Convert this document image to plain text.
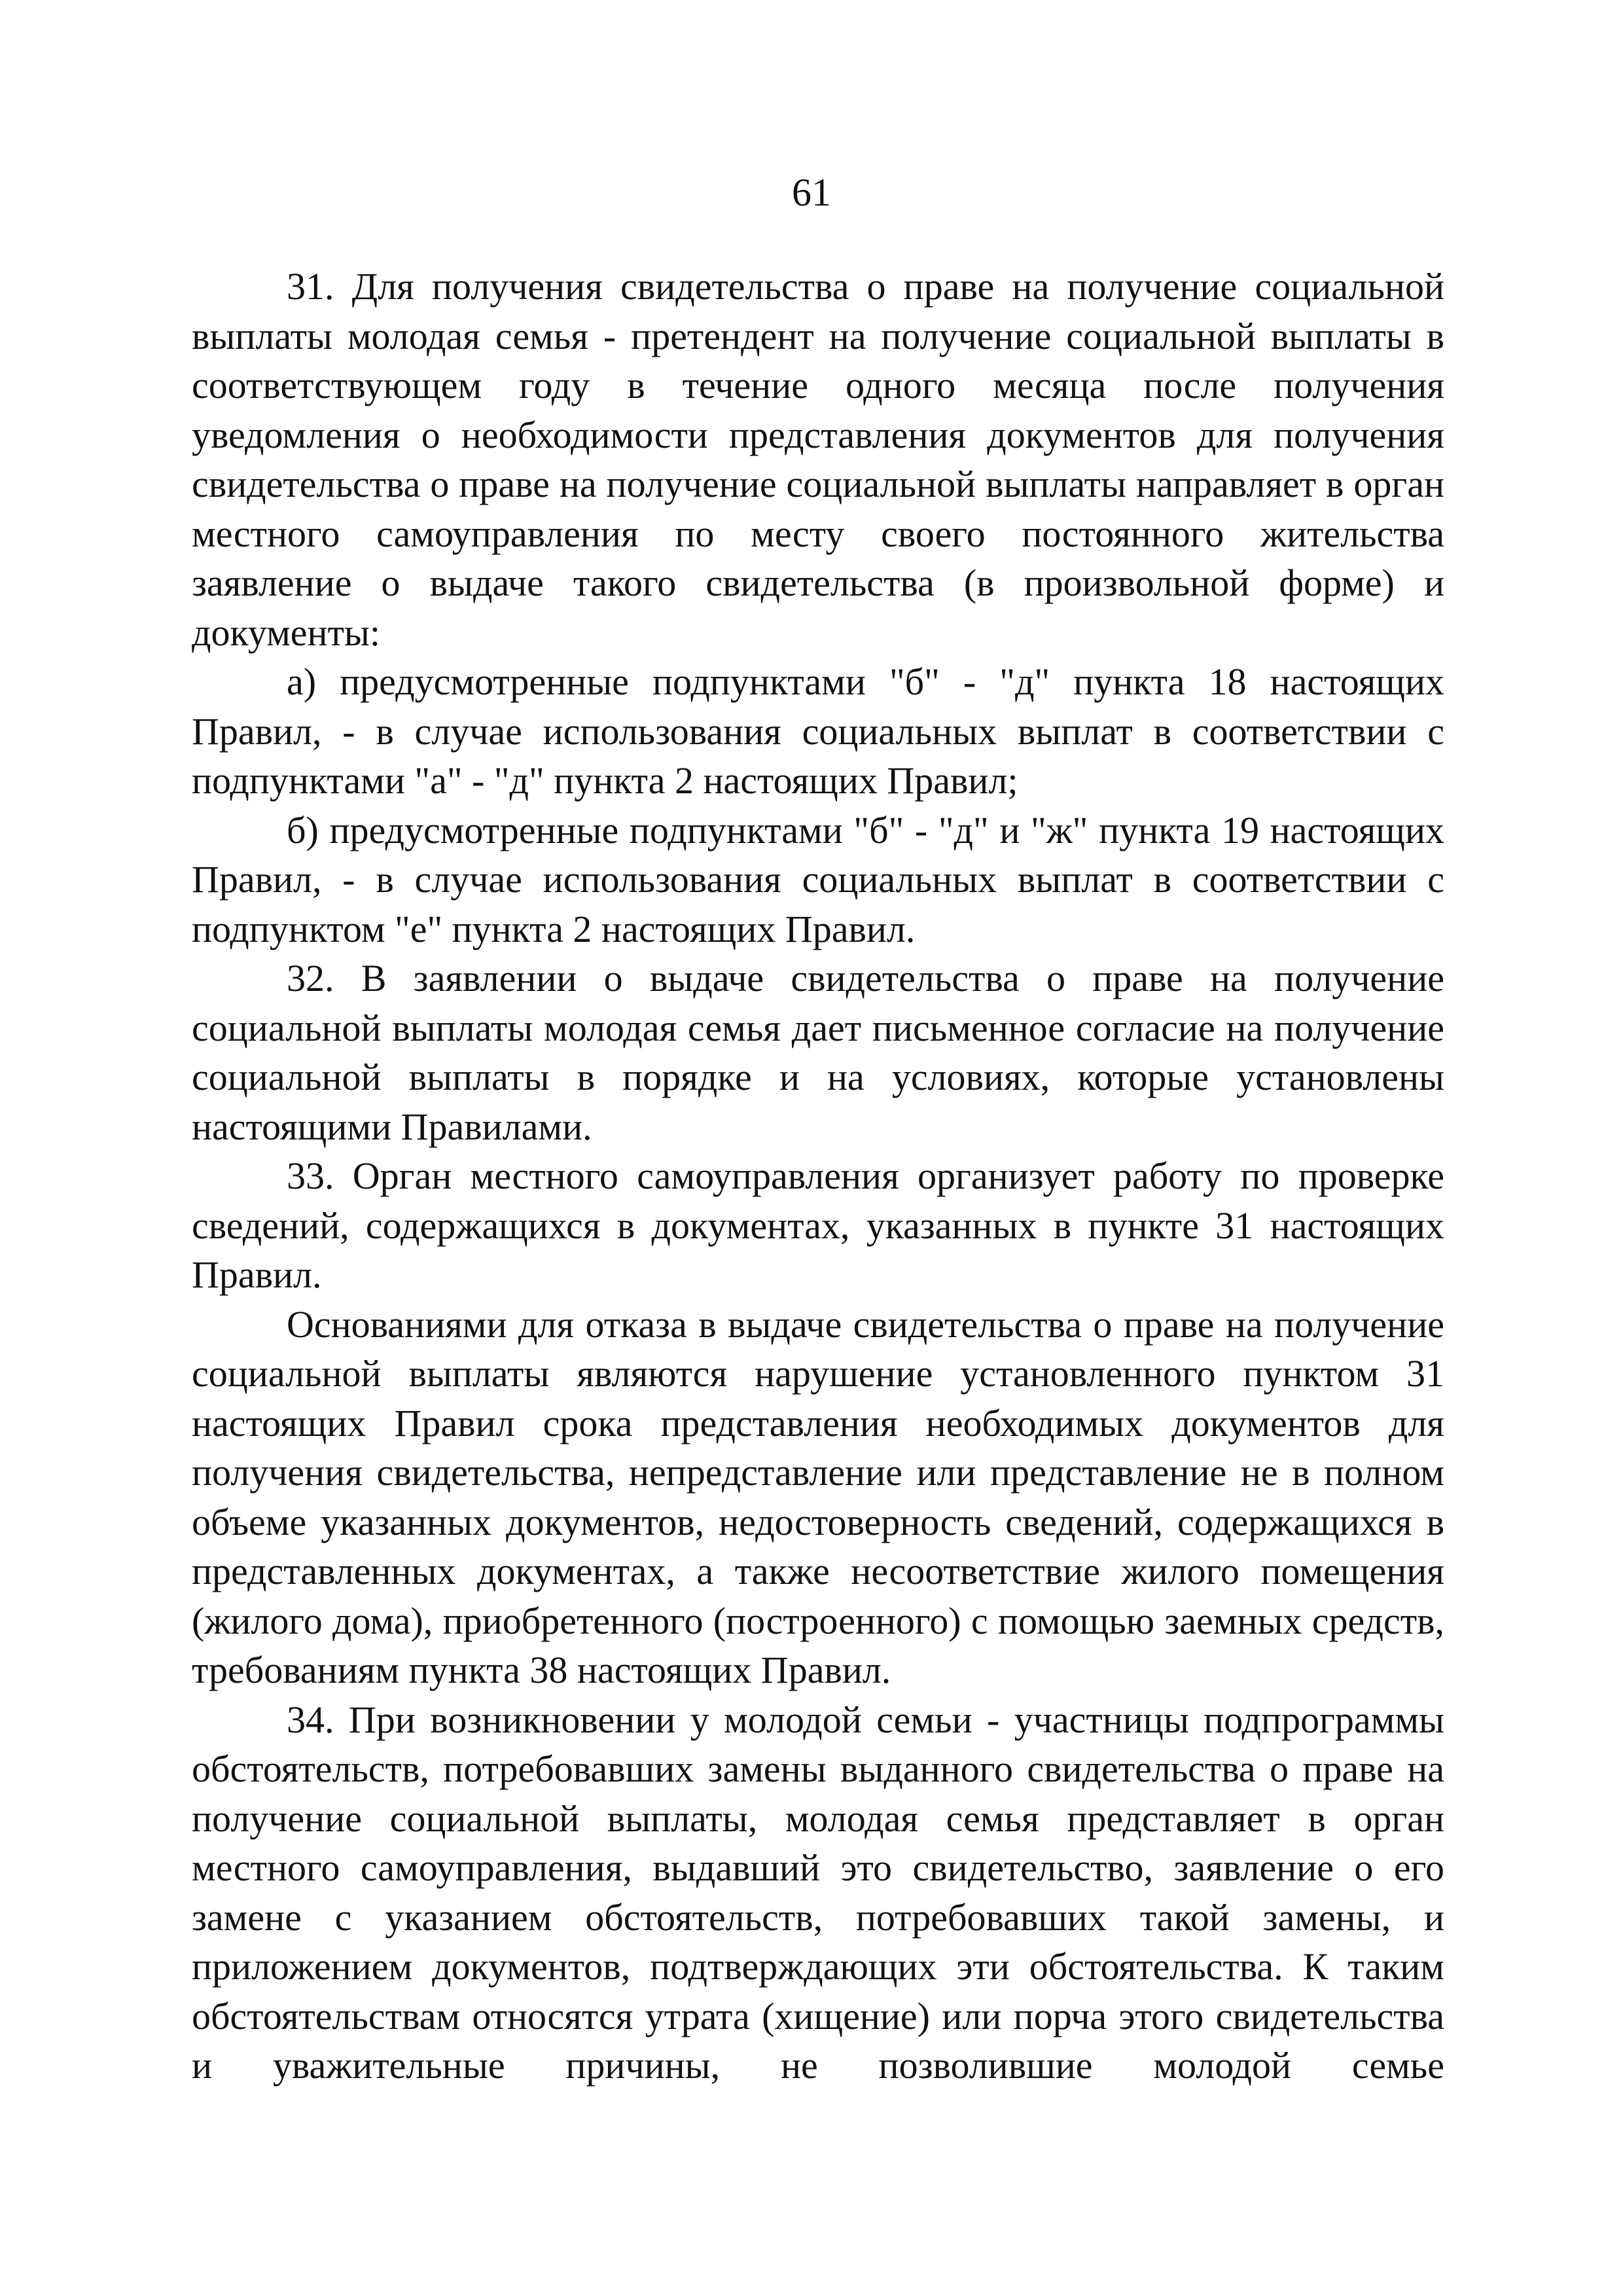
61

31. Для получения свидетельства о праве на получение социальной выплаты молодая семья - претендент на получение социальной выплаты в соответствующем году в течение одного месяца после получения уведомления о необходимости представления документов для получения свидетельства о праве на получение социальной выплаты направляет в орган местного самоуправления по месту своего постоянного жительства заявление о выдаче такого свидетельства (в произвольной форме) и документы:

а) предусмотренные подпунктами "б" - "д" пункта 18 настоящих Правил, - в случае использования социальных выплат в соответствии с подпунктами "а" - "д" пункта 2 настоящих Правил;

б) предусмотренные подпунктами "б" - "д" и "ж" пункта 19 настоящих Правил, - в случае использования социальных выплат в соответствии с подпунктом "е" пункта 2 настоящих Правил.

32. В заявлении о выдаче свидетельства о праве на получение социальной выплаты молодая семья дает письменное согласие на получение социальной выплаты в порядке и на условиях, которые установлены настоящими Правилами.

33. Орган местного самоуправления организует работу по проверке сведений, содержащихся в документах, указанных в пункте 31 настоящих Правил.

Основаниями для отказа в выдаче свидетельства о праве на получение социальной выплаты являются нарушение установленного пунктом 31 настоящих Правил срока представления необходимых документов для получения свидетельства, непредставление или представление не в полном объеме указанных документов, недостоверность сведений, содержащихся в представленных документах, а также несоответствие жилого помещения (жилого дома), приобретенного (построенного) с помощью заемных средств, требованиям пункта 38 настоящих Правил.

34. При возникновении у молодой семьи - участницы подпрограммы обстоятельств, потребовавших замены выданного свидетельства о праве на получение социальной выплаты, молодая семья представляет в орган местного самоуправления, выдавший это свидетельство, заявление о его замене с указанием обстоятельств, потребовавших такой замены, и приложением документов, подтверждающих эти обстоятельства. К таким обстоятельствам относятся утрата (хищение) или порча этого свидетельства и уважительные причины, не позволившие молодой семье
